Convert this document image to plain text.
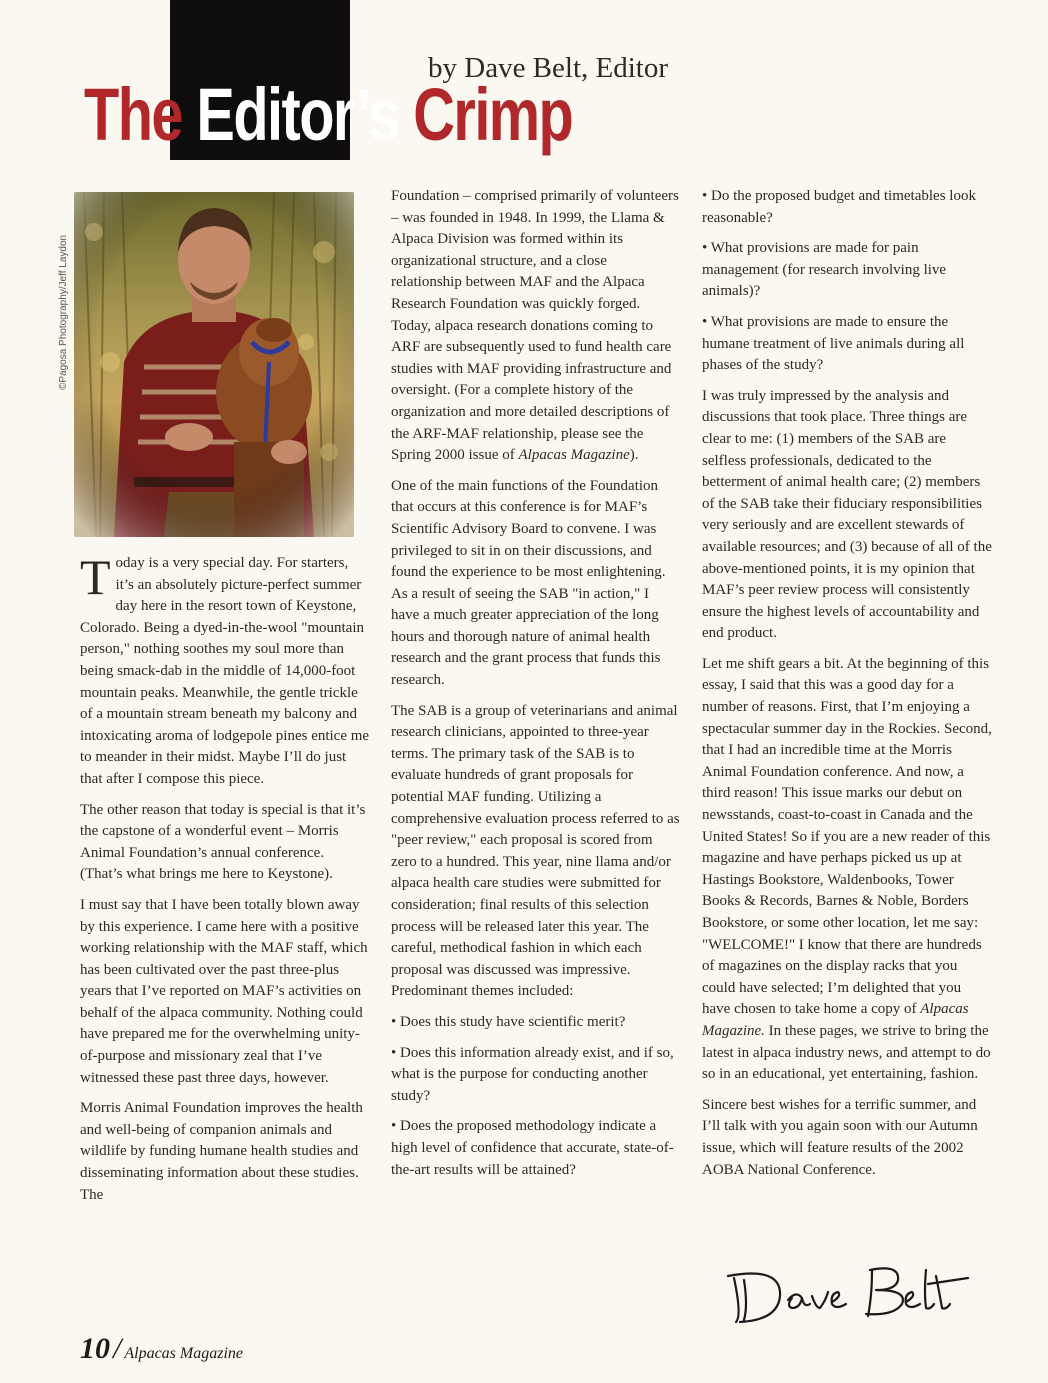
The Editor’s Crimp
by Dave Belt, Editor
©Pagosa Photography/Jeff Laydon

Today is a very special day. For starters, it’s an absolutely picture-perfect summer day here in the resort town of Keystone, Colorado. Being a dyed-in-the-wool "mountain person," nothing soothes my soul more than being smack-dab in the middle of 14,000-foot mountain peaks. Meanwhile, the gentle trickle of a mountain stream beneath my balcony and intoxicating aroma of lodgepole pines entice me to meander in their midst. Maybe I’ll do just that after I compose this piece.

The other reason that today is special is that it’s the capstone of a wonderful event – Morris Animal Foundation’s annual conference. (That’s what brings me here to Keystone).

I must say that I have been totally blown away by this experience. I came here with a positive working relationship with the MAF staff, which has been cultivated over the past three-plus years that I’ve reported on MAF’s activities on behalf of the alpaca community. Nothing could have prepared me for the overwhelming unity-of-purpose and missionary zeal that I’ve witnessed these past three days, however.

Morris Animal Foundation improves the health and well-being of companion animals and wildlife by funding humane health studies and disseminating information about these studies. The

Foundation – comprised primarily of volunteers – was founded in 1948. In 1999, the Llama & Alpaca Division was formed within its organizational structure, and a close relationship between MAF and the Alpaca Research Foundation was quickly forged. Today, alpaca research donations coming to ARF are subsequently used to fund health care studies with MAF providing infrastructure and oversight. (For a complete history of the organization and more detailed descriptions of the ARF-MAF relationship, please see the Spring 2000 issue of Alpacas Magazine).

One of the main functions of the Foundation that occurs at this conference is for MAF’s Scientific Advisory Board to convene. I was privileged to sit in on their discussions, and found the experience to be most enlightening. As a result of seeing the SAB "in action," I have a much greater appreciation of the long hours and thorough nature of animal health research and the grant process that funds this research.

The SAB is a group of veterinarians and animal research clinicians, appointed to three-year terms. The primary task of the SAB is to evaluate hundreds of grant proposals for potential MAF funding. Utilizing a comprehensive evaluation process referred to as "peer review," each proposal is scored from zero to a hundred. This year, nine llama and/or alpaca health care studies were submitted for consideration; final results of this selection process will be released later this year. The careful, methodical fashion in which each proposal was discussed was impressive. Predominant themes included:

• Does this study have scientific merit?

• Does this information already exist, and if so, what is the purpose for conducting another study?

• Does the proposed methodology indicate a high level of confidence that accurate, state-of-the-art results will be attained?

• Do the proposed budget and timetables look reasonable?

• What provisions are made for pain management (for research involving live animals)?

• What provisions are made to ensure the humane treatment of live animals during all phases of the study?

I was truly impressed by the analysis and discussions that took place. Three things are clear to me: (1) members of the SAB are selfless professionals, dedicated to the betterment of animal health care; (2) members of the SAB take their fiduciary responsibilities very seriously and are excellent stewards of available resources; and (3) because of all of the above-mentioned points, it is my opinion that MAF’s peer review process will consistently ensure the highest levels of accountability and end product.

Let me shift gears a bit. At the beginning of this essay, I said that this was a good day for a number of reasons. First, that I’m enjoying a spectacular summer day in the Rockies. Second, that I had an incredible time at the Morris Animal Foundation conference. And now, a third reason! This issue marks our debut on newsstands, coast-to-coast in Canada and the United States! So if you are a new reader of this magazine and have perhaps picked us up at Hastings Bookstore, Waldenbooks, Tower Books & Records, Barnes & Noble, Borders Bookstore, or some other location, let me say: "WELCOME!" I know that there are hundreds of magazines on the display racks that you could have selected; I’m delighted that you have chosen to take home a copy of Alpacas Magazine. In these pages, we strive to bring the latest in alpaca industry news, and attempt to do so in an educational, yet entertaining, fashion.

Sincere best wishes for a terrific summer, and I’ll talk with you again soon with our Autumn issue, which will feature results of the 2002 AOBA National Conference.

10 / Alpacas Magazine
